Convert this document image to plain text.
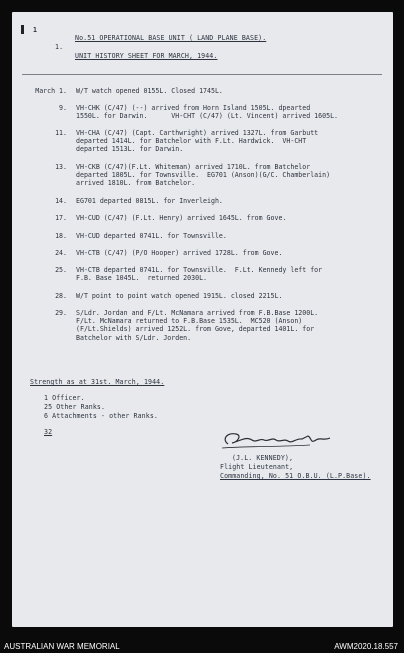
1
1.
No.51 OPERATIONAL BASE UNIT ( LAND PLANE BASE).
UNIT HISTORY SHEET FOR MARCH, 1944.
March 1. W/T watch opened 0155L. Closed 1745L.
9. VH-CHK (C/47) (--) arrived from Horn Island 1505L. dpearted
1550L. for Darwin.      VH-CHT (C/47) (Lt. Vincent) arrived 1605L.
11. VH-CHA (C/47) (Capt. Carthwright) arrived 1327L. from Garbutt
departed 1414L. for Batchelor with F.Lt. Hardwick.  VH-CHT
departed 1513L. for Darwin.
13. VH-CKB (C/47)(F.Lt. Whiteman) arrived 1710L. from Batchelor
departed 1805L. for Townsville.  EG701 (Anson)(G/C. Chamberlain)
arrived 1810L. from Batchelor.
14. EG701 departed 0815L. for Inverleigh.
17. VH-CUD (C/47) (F.Lt. Henry) arrived 1645L. from Gove.
18. VH-CUD departed 0741L. for Townsville.
24. VH-CTB (C/47) (P/O Hooper) arrived 1728L. from Gove.
25. VH-CTB departed 0741L. for Townsville.  F.Lt. Kennedy left for
F.B. Base 1045L.  returned 2030L.
28. W/T point to point watch opened 1915L. closed 2215L.
29. S/Ldr. Jordan and F/Lt. McNamara arrived from F.B.Base 1200L.
F/Lt. McNamara returned to F.B.Base 1535L.  MC520 (Anson)
(F/Lt.Shields) arrived 1252L. from Gove, departed 1401L. for
Batchelor with S/Ldr. Jorden.
Strength as at 31st. March, 1944.
1 Officer.
25 Other Ranks.
6 Attachments - other Ranks.
32
(J.L. KENNEDY),
Flight Lieutenant,
Commanding, No. 51 O.B.U. (L.P.Base).
AUSTRALIAN WAR MEMORIAL	AWM2020.18.557
